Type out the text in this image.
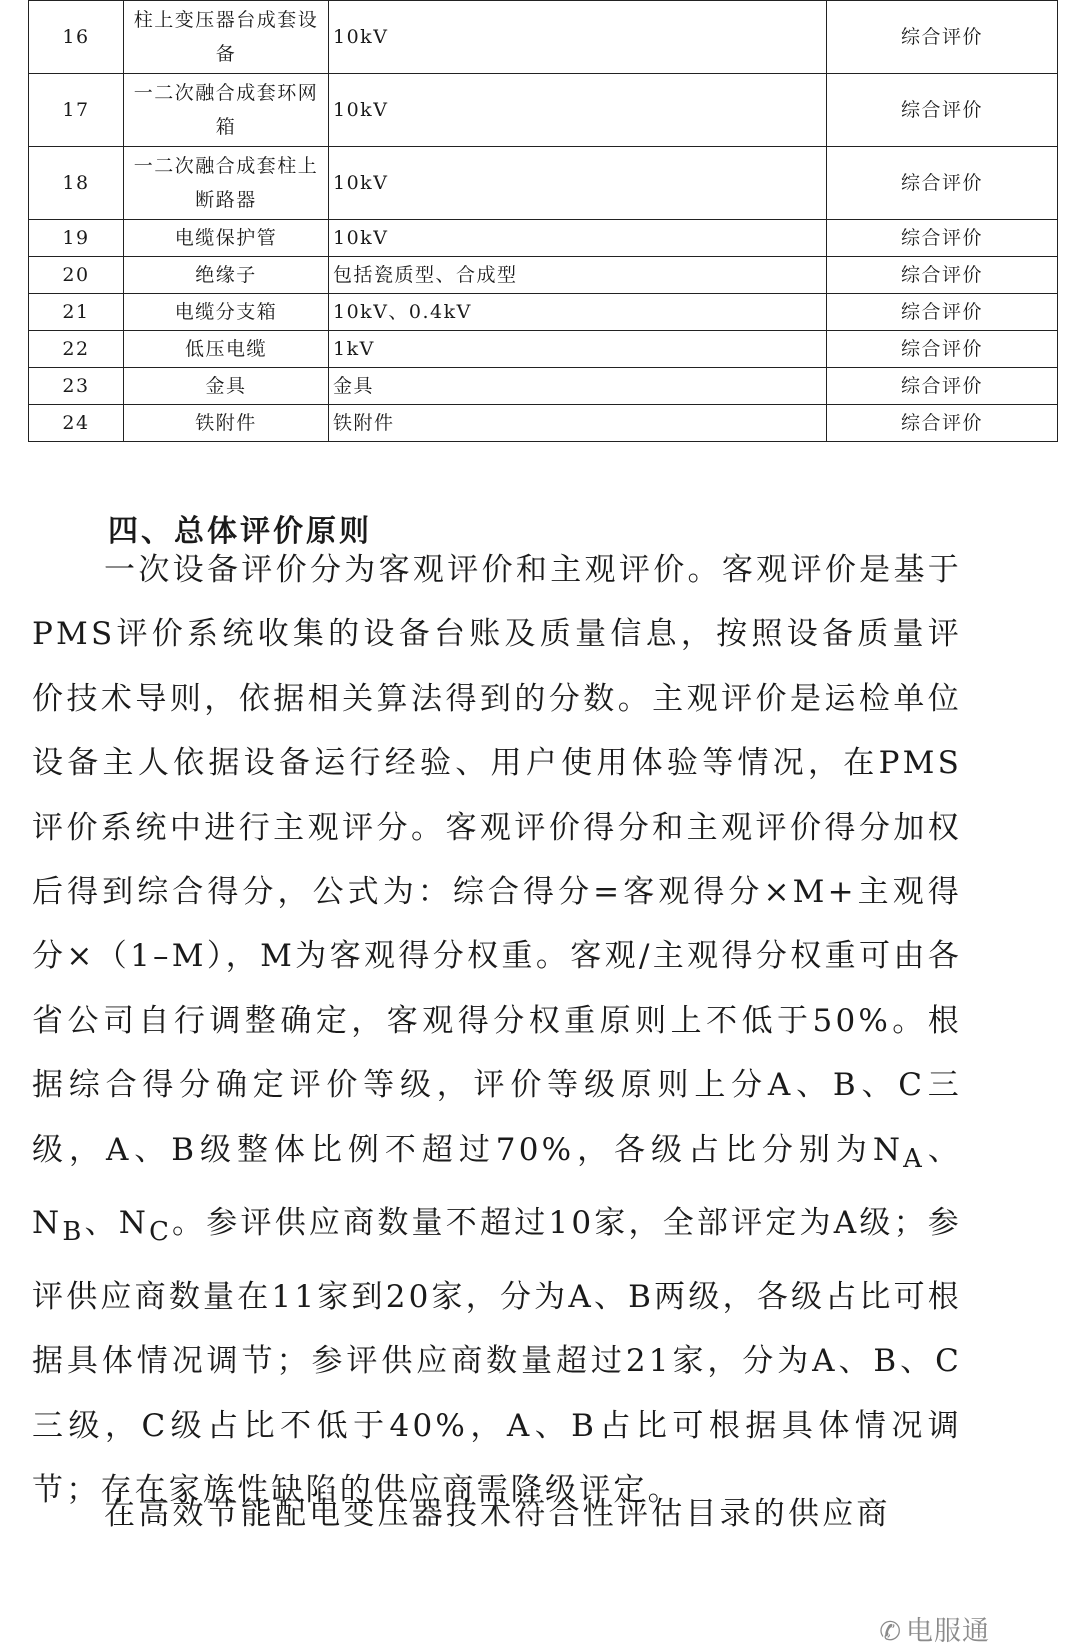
16	柱上变压器台成套设备	10kV	综合评价
17	一二次融合成套环网箱	10kV	综合评价
18	一二次融合成套柱上断路器	10kV	综合评价
19	电缆保护管	10kV	综合评价
20	绝缘子	包括瓷质型、合成型	综合评价
21	电缆分支箱	10kV、0.4kV	综合评价
22	低压电缆	1kV	综合评价
23	金具	金具	综合评价
24	铁附件	铁附件	综合评价
四、总体评价原则

一次设备评价分为客观评价和主观评价。客观评价是基于PMS评价系统收集的设备台账及质量信息，按照设备质量评价技术导则，依据相关算法得到的分数。主观评价是运检单位设备主人依据设备运行经验、用户使用体验等情况，在PMS评价系统中进行主观评分。客观评价得分和主观评价得分加权后得到综合得分，公式为：综合得分=客观得分×M+主观得分×（1–M），M为客观得分权重。客观/主观得分权重可由各省公司自行调整确定，客观得分权重原则上不低于50%。根据综合得分确定评价等级，评价等级原则上分A、B、C三级，A、B级整体比例不超过70%，各级占比分别为$N_A$、$N_B$、$N_C$。参评供应商数量不超过10家，全部评定为A级；参评供应商数量在11家到20家，分为A、B两级，各级占比可根据具体情况调节；参评供应商数量超过21家，分为A、B、C三级，C级占比不低于40%，A、B占比可根据具体情况调节；存在家族性缺陷的供应商需降级评定。

在高效节能配电变压器技术符合性评估目录的供应商

✆ 电服通
